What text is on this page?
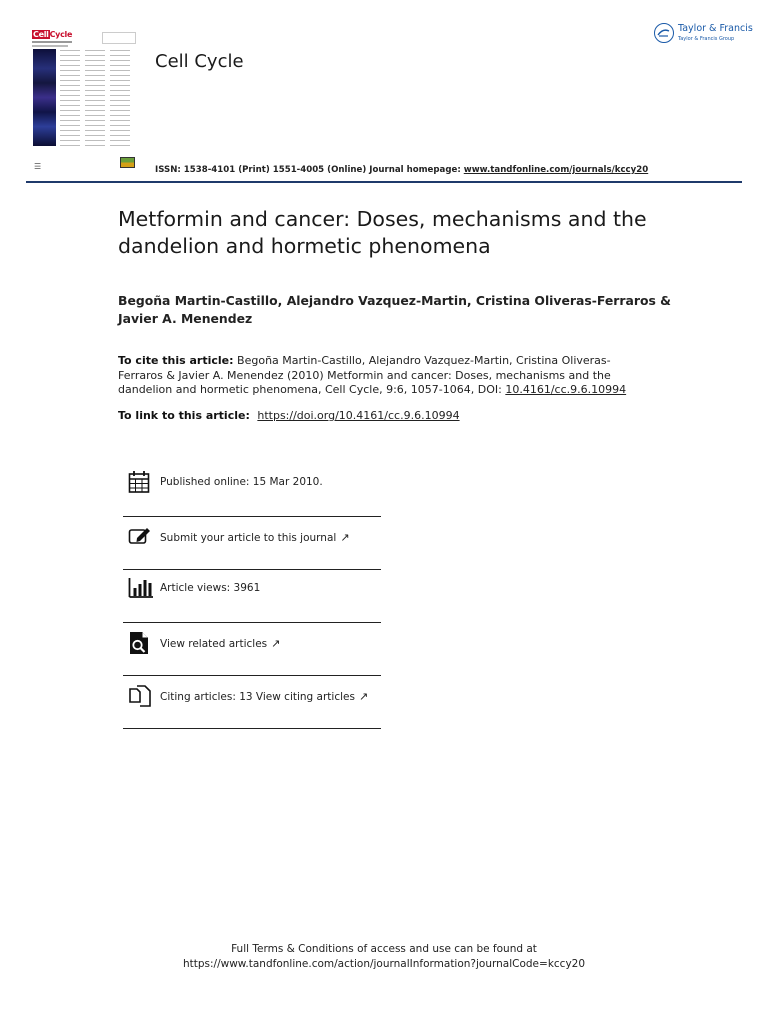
CellCycle
☰
Cell Cycle
Taylor & Francis
Taylor & Francis Group
ISSN: 1538-4101 (Print) 1551-4005 (Online) Journal homepage: www.tandfonline.com/journals/kccy20
Metformin and cancer: Doses, mechanisms and the dandelion and hormetic phenomena
Begoña Martin-Castillo, Alejandro Vazquez-Martin, Cristina Oliveras-Ferraros & Javier A. Menendez
To cite this article: Begoña Martin-Castillo, Alejandro Vazquez-Martin, Cristina Oliveras-Ferraros & Javier A. Menendez (2010) Metformin and cancer: Doses, mechanisms and the dandelion and hormetic phenomena, Cell Cycle, 9:6, 1057-1064, DOI: 10.4161/cc.9.6.10994
To link to this article: https://doi.org/10.4161/cc.9.6.10994
Published online: 15 Mar 2010.
Submit your article to this journal ↗
Article views: 3961
View related articles ↗
Citing articles: 13 View citing articles ↗
Full Terms & Conditions of access and use can be found at
https://www.tandfonline.com/action/journalInformation?journalCode=kccy20
